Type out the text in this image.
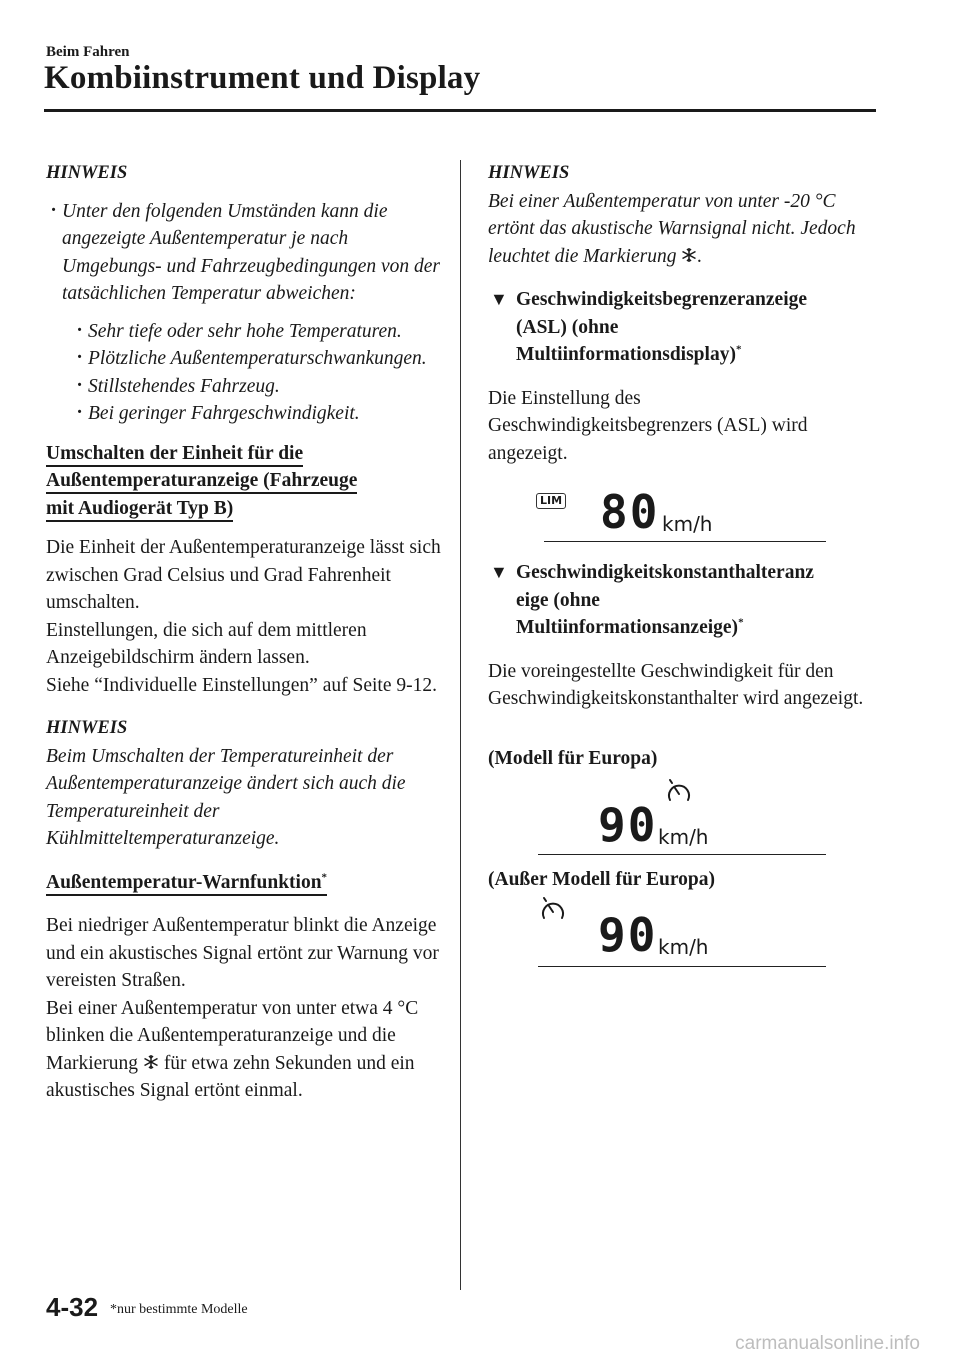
Beim Fahren
Kombiinstrument und Display

HINWEIS

· Unter den folgenden Umständen kann die angezeigte Außentemperatur je nach Umgebungs- und Fahrzeugbedingungen von der tatsächlichen Temperatur abweichen:

· Sehr tiefe oder sehr hohe Temperaturen.

· Plötzliche Außentemperaturschwankungen.

· Stillstehendes Fahrzeug.

· Bei geringer Fahrgeschwindigkeit.

Umschalten der Einheit für die
Außentemperaturanzeige (Fahrzeuge
mit Audiogerät Typ B)

Die Einheit der Außentemperaturanzeige lässt sich zwischen Grad Celsius und Grad Fahrenheit umschalten.

Einstellungen, die sich auf dem mittleren Anzeigebildschirm ändern lassen.

Siehe “Individuelle Einstellungen” auf Seite 9-12.

HINWEIS

Beim Umschalten der Temperatureinheit der Außentemperaturanzeige ändert sich auch die Temperatureinheit der Kühlmitteltemperaturanzeige.

Außentemperatur-Warnfunktion*

Bei niedriger Außentemperatur blinkt die Anzeige und ein akustisches Signal ertönt zur Warnung vor vereisten Straßen.

Bei einer Außentemperatur von unter etwa 4 °C blinken die Außentemperaturanzeige und die Markierung für etwa zehn Sekunden und ein akustisches Signal ertönt einmal.

HINWEIS

Bei einer Außentemperatur von unter -20 °C ertönt das akustische Warnsignal nicht. Jedoch leuchtet die Markierung .

▼ Geschwindigkeitsbegrenzeranzeige
(ASL) (ohne
Multiinformationsdisplay)*

Die Einstellung des Geschwindigkeitsbegrenzers (ASL) wird angezeigt.

LIM 80 km/h
▼ Geschwindigkeitskonstanthalteranz
eige (ohne
Multiinformationsanzeige)*

Die voreingestellte Geschwindigkeit für den Geschwindigkeitskonstanthalter wird angezeigt.

(Modell für Europa)

90 km/h

(Außer Modell für Europa)

90 km/h
4-32 *nur bestimmte Modelle
carmanualsonline.info
